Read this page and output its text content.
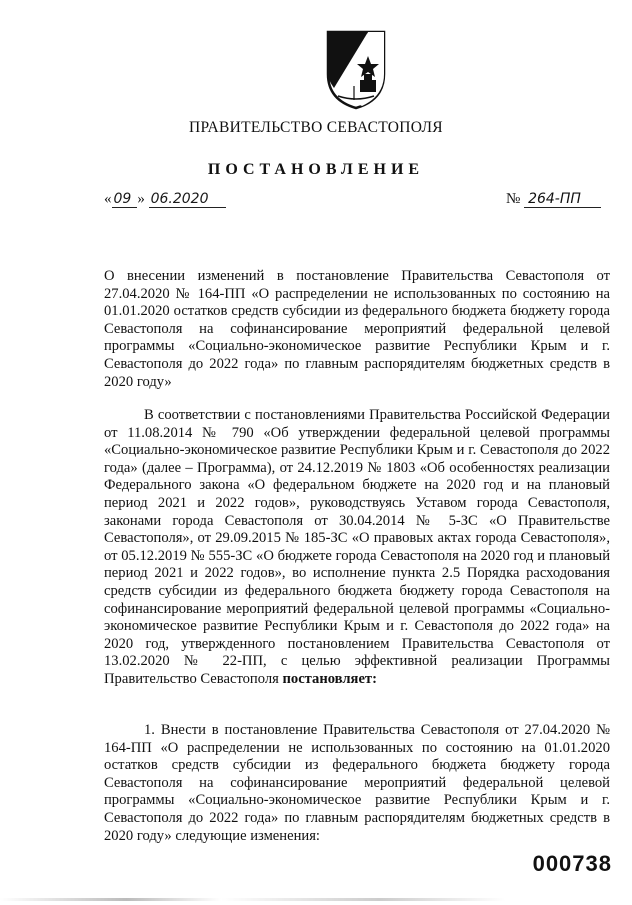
ПРАВИТЕЛЬСТВО СЕВАСТОПОЛЯ
ПОСТАНОВЛЕНИЕ
« 09 » 06.2020	№ 264-ПП
О внесении изменений в постановление Правительства Севастополя от 27.04.2020 № 164-ПП «О распределении не использованных по состоянию на 01.01.2020 остатков средств субсидии из федерального бюджета бюджету города Севастополя на софинансирование мероприятий федеральной целевой программы «Социально-экономическое развитие Республики Крым и г. Севастополя до 2022 года» по главным распорядителям бюджетных средств в 2020 году»
В соответствии с постановлениями Правительства Российской Федерации от 11.08.2014 № 790 «Об утверждении федеральной целевой программы «Социально-экономическое развитие Республики Крым и г. Севастополя до 2022 года» (далее – Программа), от 24.12.2019 № 1803 «Об особенностях реализации Федерального закона «О федеральном бюджете на 2020 год и на плановый период 2021 и 2022 годов», руководствуясь Уставом города Севастополя, законами города Севастополя от 30.04.2014 № 5-ЗС «О Правительстве Севастополя», от 29.09.2015 № 185-ЗС «О правовых актах города Севастополя», от 05.12.2019 № 555-ЗС «О бюджете города Севастополя на 2020 год и плановый период 2021 и 2022 годов», во исполнение пункта 2.5 Порядка расходования средств субсидии из федерального бюджета бюджету города Севастополя на софинансирование мероприятий федеральной целевой программы «Социально-экономическое развитие Республики Крым и г. Севастополя до 2022 года» на 2020 год, утвержденного постановлением Правительства Севастополя от 13.02.2020 № 22-ПП, с целью эффективной реализации Программы Правительство Севастополя постановляет:
1. Внести в постановление Правительства Севастополя от 27.04.2020 № 164-ПП «О распределении не использованных по состоянию на 01.01.2020 остатков средств субсидии из федерального бюджета бюджету города Севастополя на софинансирование мероприятий федеральной целевой программы «Социально-экономическое развитие Республики Крым и г. Севастополя до 2022 года» по главным распорядителям бюджетных средств в 2020 году» следующие изменения:
000738
